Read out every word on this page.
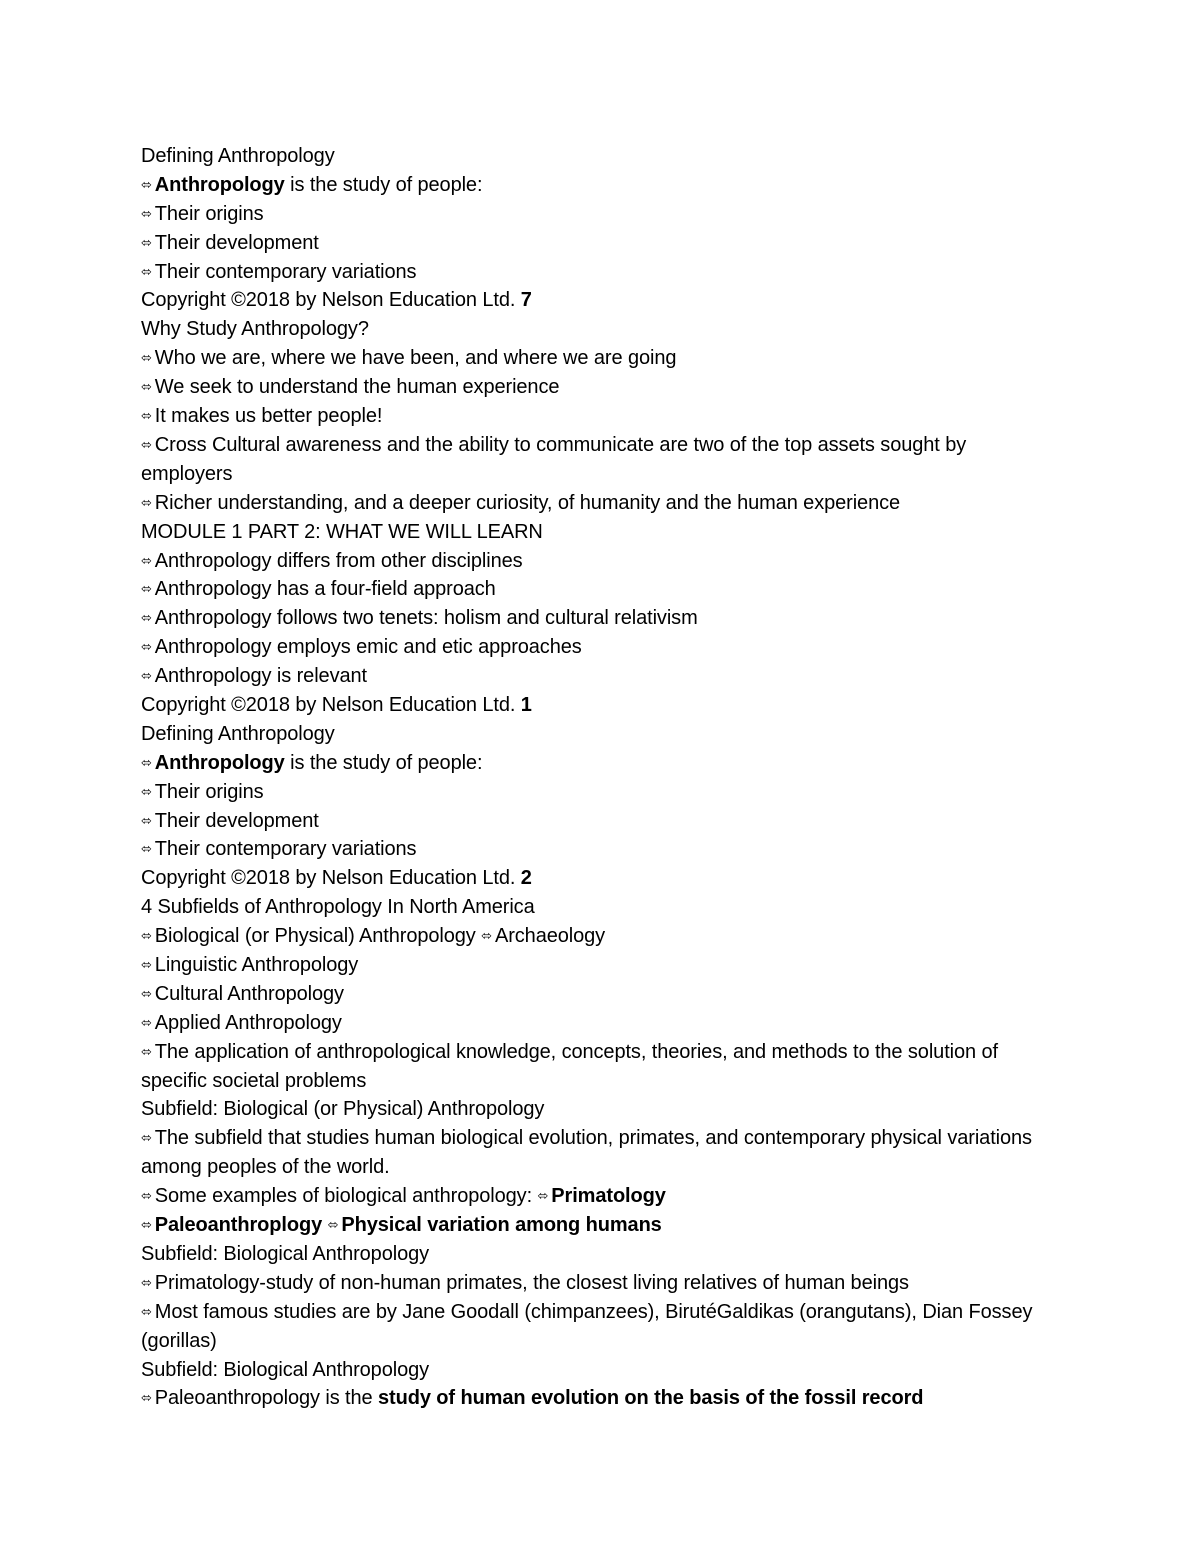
Defining Anthropology
⬄ Anthropology is the study of people:
⬄ Their origins
⬄ Their development
⬄ Their contemporary variations
Copyright ©2018 by Nelson Education Ltd. 7
Why Study Anthropology?
⬄ Who we are, where we have been, and where we are going
⬄ We seek to understand the human experience
⬄ It makes us better people!
⬄ Cross Cultural awareness and the ability to communicate are two of the top assets sought by employers
⬄ Richer understanding, and a deeper curiosity, of humanity and the human experience
MODULE 1 PART 2: WHAT WE WILL LEARN
⬄ Anthropology differs from other disciplines
⬄ Anthropology has a four-field approach
⬄ Anthropology follows two tenets: holism and cultural relativism
⬄ Anthropology employs emic and etic approaches
⬄ Anthropology is relevant
Copyright ©2018 by Nelson Education Ltd. 1
Defining Anthropology
⬄ Anthropology is the study of people:
⬄ Their origins
⬄ Their development
⬄ Their contemporary variations
Copyright ©2018 by Nelson Education Ltd. 2
4 Subfields of Anthropology In North America
⬄ Biological (or Physical) Anthropology ⬄ Archaeology
⬄ Linguistic Anthropology
⬄ Cultural Anthropology
⬄ Applied Anthropology
⬄ The application of anthropological knowledge, concepts, theories, and methods to the solution of specific societal problems
Subfield: Biological (or Physical) Anthropology
⬄ The subfield that studies human biological evolution, primates, and contemporary physical variations among peoples of the world.
⬄ Some examples of biological anthropology: ⬄ Primatology
⬄ Paleoanthroplogy ⬄ Physical variation among humans
Subfield: Biological Anthropology
⬄ Primatology-study of non-human primates, the closest living relatives of human beings
⬄ Most famous studies are by Jane Goodall (chimpanzees), BirutéGaldikas (orangutans), Dian Fossey (gorillas)
Subfield: Biological Anthropology
⬄ Paleoanthropology is the study of human evolution on the basis of the fossil record
